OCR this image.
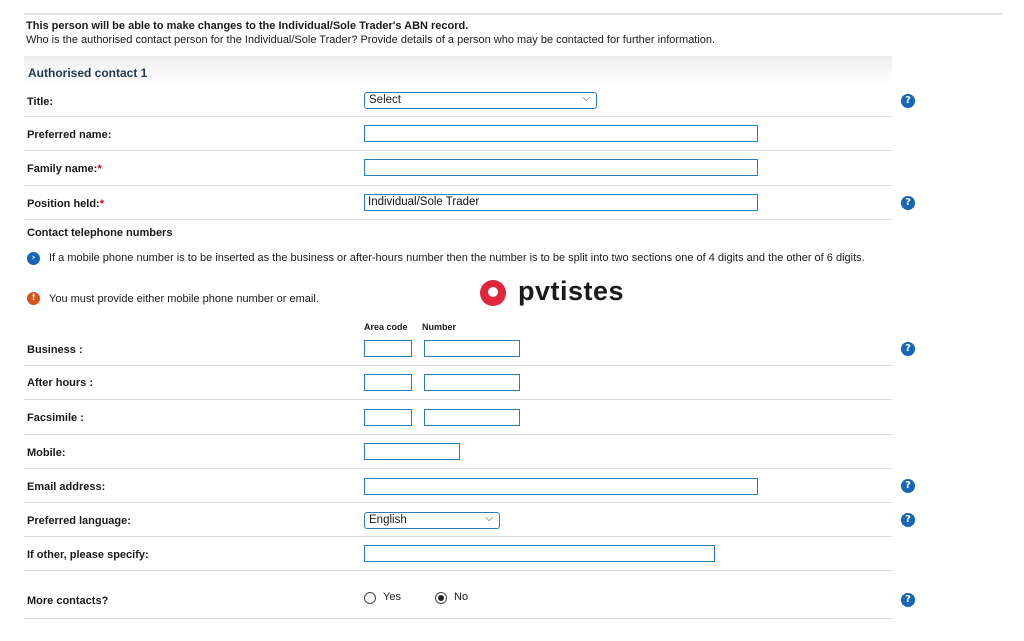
This person will be able to make changes to the Individual/Sole Trader's ABN record.
Who is the authorised contact person for the Individual/Sole Trader? Provide details of a person who may be contacted for further information.
Authorised contact 1
Title:	Select	⌵	?
Preferred name:
Family name:*
Position held:*	Individual/Sole Trader	?
Contact telephone numbers
›	If a mobile phone number is to be inserted as the business or after-hours number then the number is to be split into two sections one of 4 digits and the other of 6 digits.
!	You must provide either mobile phone number or email.	pvtistes
Area code Number
Business :	?
After hours :
Facsimile :
Mobile:
Email address:	?
Preferred language:	English	⌵	?
If other, please specify:
More contacts?	Yes	No	?
